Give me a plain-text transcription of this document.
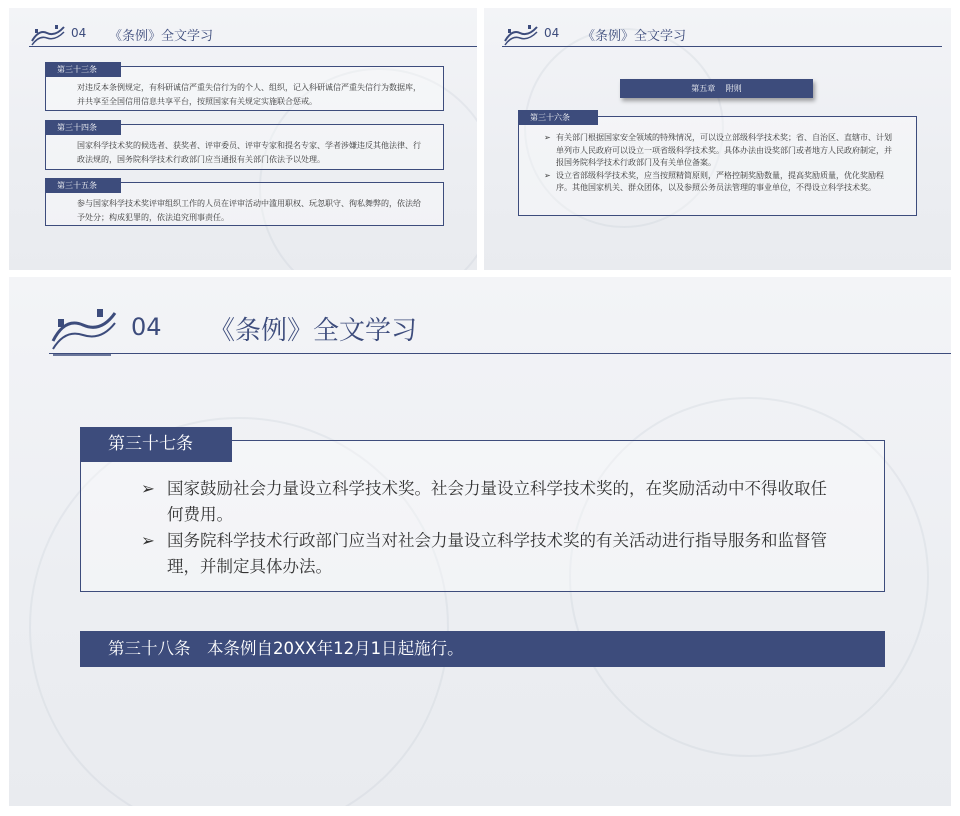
04 《条例》全文学习
第三十三条
对违反本条例规定，有科研诚信严重失信行为的个人、组织，记入科研诚信严重失信行为数据库，并共享至全国信用信息共享平台，按照国家有关规定实施联合惩戒。
第三十四条
国家科学技术奖的候选者、获奖者、评审委员、评审专家和提名专家、学者涉嫌违反其他法律、行政法规的，国务院科学技术行政部门应当通报有关部门依法予以处理。
第三十五条
参与国家科学技术奖评审组织工作的人员在评审活动中滥用职权、玩忽职守、徇私舞弊的，依法给予处分；构成犯罪的，依法追究刑事责任。
04 《条例》全文学习
第五章　 附则
第三十六条
➢ 有关部门根据国家安全领域的特殊情况，可以设立部级科学技术奖；省、自治区、直辖市、计划单列市人民政府可以设立一项省级科学技术奖。具体办法由设奖部门或者地方人民政府制定，并报国务院科学技术行政部门及有关单位备案。
➢ 设立省部级科学技术奖，应当按照精简原则，严格控制奖励数量，提高奖励质量，优化奖励程序。其他国家机关、群众团体，以及参照公务员法管理的事业单位，不得设立科学技术奖。
04 《条例》全文学习
第三十七条
➢ 国家鼓励社会力量设立科学技术奖。社会力量设立科学技术奖的，在奖励活动中不得收取任何费用。
➢ 国务院科学技术行政部门应当对社会力量设立科学技术奖的有关活动进行指导服务和监督管理，并制定具体办法。
第三十八条　本条例自20XX年12月1日起施行。
